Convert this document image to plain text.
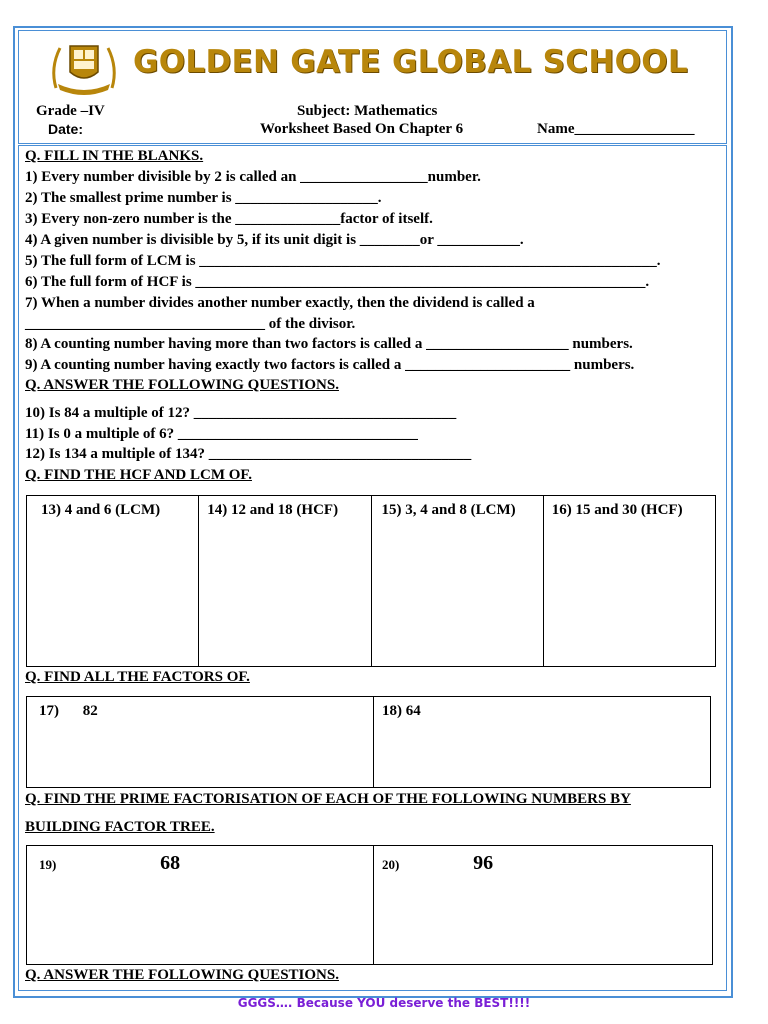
GOLDEN GATE GLOBAL SCHOOL
Grade –IV
Date:
Subject: Mathematics
Worksheet Based On Chapter 6	Name________________
Q. FILL IN THE BLANKS.
1) Every number divisible by 2 is called an _________________number.
2) The smallest prime number is ___________________.
3) Every non-zero number is the ______________factor of itself.
4) A given number is divisible by 5, if its unit digit is ________or ___________.
5) The full form of LCM is _____________________________________________________________.
6) The full form of HCF is ____________________________________________________________.
7) When a number divides another number exactly, then the dividend is called a
________________________________ of the divisor.
8) A counting number having more than two factors is called a ___________________ numbers.
9) A counting number having exactly two factors is called a ______________________ numbers.
Q. ANSWER THE FOLLOWING QUESTIONS.
10) Is 84 a multiple of 12? ___________________________________
11) Is 0 a multiple of 6? ________________________________
12) Is 134 a multiple of 134? ___________________________________
Q. FIND THE HCF AND LCM OF.
13) 4 and 6 (LCM)	14) 12 and 18 (HCF)	15) 3, 4 and 8 (LCM)	16) 15 and 30 (HCF)
Q. FIND ALL THE FACTORS OF.
17) 82	18) 64
Q. FIND THE PRIME FACTORISATION OF EACH OF THE FOLLOWING NUMBERS BY
BUILDING FACTOR TREE.
19)	68	20)	96
Q. ANSWER THE FOLLOWING QUESTIONS.
GGGS…. Because YOU deserve the BEST!!!!
